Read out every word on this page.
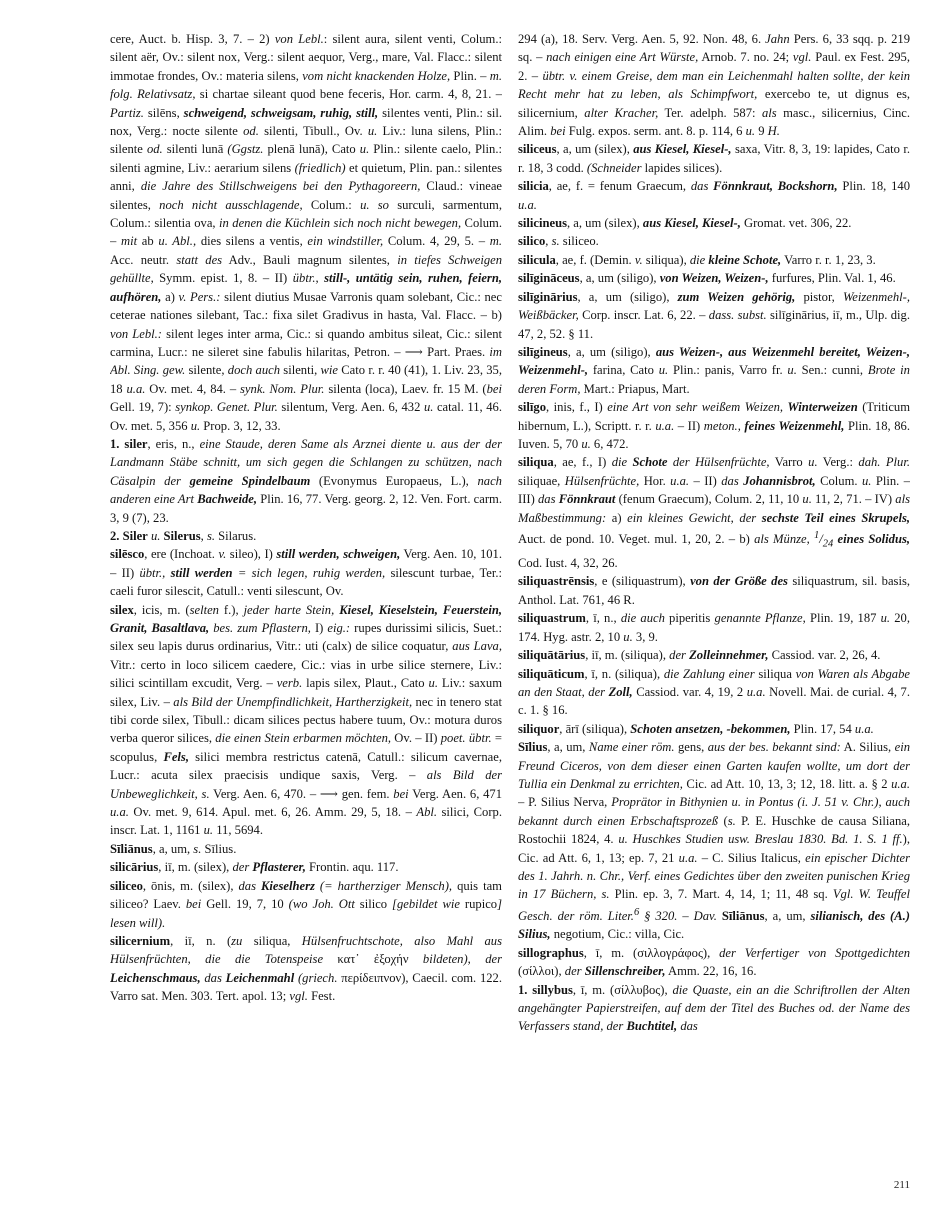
cere, Auct. b. Hisp. 3, 7. – 2) von Lebl.: silent aura, silent venti, Colum.: silent aër, Ov.: silent nox, Verg.: silent aequor, Verg., mare, Val. Flacc.: silent immotae frondes, Ov.: materia silens, vom nicht knackenden Holze, Plin. – m. folg. Relativsatz, si chartae sileant quod bene feceris, Hor. carm. 4, 8, 21. – Partiz. silēns, schweigend, schweigsam, ruhig, still, silentes venti, Plin.: sil. nox, Verg.: nocte silente od. silenti, Tibull., Ov. u. Liv.: luna silens, Plin.: silente od. silenti lunā (Ggstz. plenā lunā), Cato u. Plin.: silente caelo, Plin.: silenti agmine, Liv.: aerarium silens (friedlich) et quietum, Plin. pan.: silentes anni, die Jahre des Stillschweigens bei den Pythagoreern, Claud.: vineae silentes, noch nicht ausschlagende, Colum.: u. so surculi, sarmentum, Colum.: silentia ova, in denen die Küchlein sich noch nicht bewegen, Colum. – mit ab u. Abl., dies silens a ventis, ein windstiller, Colum. 4, 29, 5. – m. Acc. neutr. statt des Adv., Bauli magnum silentes, in tiefes Schweigen gehüllte, Symm. epist. 1, 8. – II) übtr., still-, untätig sein, ruhen, feiern, aufhören, a) v. Pers.: silent diutius Musae Varronis quam solebant, Cic.: nec ceterae nationes silebant, Tac.: fixa silet Gradivus in hasta, Val. Flacc. – b) von Lebl.: silent leges inter arma, Cic.: si quando ambitus sileat, Cic.: silent carmina, Lucr.: ne sileret sine fabulis hilaritas, Petron. – ⟶ Part. Praes. im Abl. Sing. gew. silente, doch auch silenti, wie Cato r. r. 40 (41), 1. Liv. 23, 35, 18 u.a. Ov. met. 4, 84. – synk. Nom. Plur. silenta (loca), Laev. fr. 15 M. (bei Gell. 19, 7): synkop. Genet. Plur. silentum, Verg. Aen. 6, 432 u. catal. 11, 46. Ov. met. 5, 356 u. Prop. 3, 12, 33.

1. siler, eris, n., eine Staude, deren Same als Arznei diente u. aus der der Landmann Stäbe schnitt, um sich gegen die Schlangen zu schützen, nach Cäsalpin der gemeine Spindelbaum (Evonymus Europaeus, L.), nach anderen eine Art Bachweide, Plin. 16, 77. Verg. georg. 2, 12. Ven. Fort. carm. 3, 9 (7), 23.

2. Siler u. Silerus, s. Silarus.

silēsco, ere (Inchoat. v. sileo), I) still werden, schweigen, Verg. Aen. 10, 101. – II) übtr., still werden = sich legen, ruhig werden, silescunt turbae, Ter.: caeli furor silescit, Catull.: venti silescunt, Ov.

silex, icis, m. (selten f.), jeder harte Stein, Kiesel, Kieselstein, Feuerstein, Granit, Basaltlava, bes. zum Pflastern, I) eig.: rupes durissimi silicis, Suet.: silex seu lapis durus ordinarius, Vitr.: uti (calx) de silice coquatur, aus Lava, Vitr.: certo in loco silicem caedere, Cic.: vias in urbe silice sternere, Liv.: silici scintillam excudit, Verg. – verb. lapis silex, Plaut., Cato u. Liv.: saxum silex, Liv. – als Bild der Unempfindlichkeit, Hartherzigkeit, nec in tenero stat tibi corde silex, Tibull.: dicam silices pectus habere tuum, Ov.: motura duros verba queror silices, die einen Stein erbarmen möchten, Ov. – II) poet. übtr. = scopulus, Fels, silici membra restrictus catenā, Catull.: silicum cavernae, Lucr.: acuta silex praecisis undique saxis, Verg. – als Bild der Unbeweglichkeit, s. Verg. Aen. 6, 470. – ⟶ gen. fem. bei Verg. Aen. 6, 471 u.a. Ov. met. 9, 614. Apul. met. 6, 26. Amm. 29, 5, 18. – Abl. silici, Corp. inscr. Lat. 1, 1161 u. 11, 5694.

Sīliānus, a, um, s. Sīlius.

silicārius, iī, m. (silex), der Pflasterer, Frontin. aqu. 117.

siliceo, ōnis, m. (silex), das Kieselherz (= hartherziger Mensch), quis tam siliceo? Laev. bei Gell. 19, 7, 10 (wo Joh. Ott silico [gebildet wie rupico] lesen will).

silicernium, iī, n. (zu siliqua, Hülsenfruchtschote, also Mahl aus Hülsenfrüchten, die die Totenspeise κατ᾽ ἐξοχήν bildeten), der Leichenschmaus, das Leichenmahl (griech. περίδειπνον), Caecil. com. 122. Varro sat. Men. 303. Tert. apol. 13; vgl. Fest.

294 (a), 18. Serv. Verg. Aen. 5, 92. Non. 48, 6. Jahn Pers. 6, 33 sqq. p. 219 sq. – nach einigen eine Art Würste, Arnob. 7. no. 24; vgl. Paul. ex Fest. 295, 2. – übtr. v. einem Greise, dem man ein Leichenmahl halten sollte, der kein Recht mehr hat zu leben, als Schimpfwort, exercebo te, ut dignus es, silicernium, alter Kracher, Ter. adelph. 587: als masc., silicernius, Cinc. Alim. bei Fulg. expos. serm. ant. 8. p. 114, 6 u. 9 H.

siliceus, a, um (silex), aus Kiesel, Kiesel-, saxa, Vitr. 8, 3, 19: lapides, Cato r. r. 18, 3 codd. (Schneider lapides silices).

silicia, ae, f. = fenum Graecum, das Fönnkraut, Bockshorn, Plin. 18, 140 u.a.

silicineus, a, um (silex), aus Kiesel, Kiesel-, Gromat. vet. 306, 22.

silico, s. siliceo.

silicula, ae, f. (Demin. v. siliqua), die kleine Schote, Varro r. r. 1, 23, 3.

silīgināceus, a, um (siligo), von Weizen, Weizen-, furfures, Plin. Val. 1, 46.

silīginārius, a, um (siligo), zum Weizen gehörig, pistor, Weizenmehl-, Weißbäcker, Corp. inscr. Lat. 6, 22. – dass. subst. silīginārius, iī, m., Ulp. dig. 47, 2, 52. § 11.

silīgineus, a, um (siligo), aus Weizen-, aus Weizenmehl bereitet, Weizen-, Weizenmehl-, farina, Cato u. Plin.: panis, Varro fr. u. Sen.: cunni, Brote in deren Form, Mart.: Priapus, Mart.

silīgo, inis, f., I) eine Art von sehr weißem Weizen, Winterweizen (Triticum hibernum, L.), Scriptt. r. r. u.a. – II) meton., feines Weizenmehl, Plin. 18, 86. Iuven. 5, 70 u. 6, 472.

siliqua, ae, f., I) die Schote der Hülsenfrüchte, Varro u. Verg.: dah. Plur. siliquae, Hülsenfrüchte, Hor. u.a. – II) das Johannisbrot, Colum. u. Plin. – III) das Fönnkraut (fenum Graecum), Colum. 2, 11, 10 u. 11, 2, 71. – IV) als Maßbestimmung: a) ein kleines Gewicht, der sechste Teil eines Skrupels, Auct. de pond. 10. Veget. mul. 1, 20, 2. – b) als Münze, $^1/_{24}$ eines Solidus, Cod. Iust. 4, 32, 26.

siliquastrēnsis, e (siliquastrum), von der Größe des siliquastrum, sil. basis, Anthol. Lat. 761, 46 R.

siliquastrum, ī, n., die auch piperitis genannte Pflanze, Plin. 19, 187 u. 20, 174. Hyg. astr. 2, 10 u. 3, 9.

siliquātārius, iī, m. (siliqua), der Zolleinnehmer, Cassiod. var. 2, 26, 4.

siliquāticum, ī, n. (siliqua), die Zahlung einer siliqua von Waren als Abgabe an den Staat, der Zoll, Cassiod. var. 4, 19, 2 u.a. Novell. Mai. de curial. 4, 7. c. 1. § 16.

siliquor, ārī (siliqua), Schoten ansetzen, -bekommen, Plin. 17, 54 u.a.

Sīlius, a, um, Name einer röm. gens, aus der bes. bekannt sind: A. Silius, ein Freund Ciceros, von dem dieser einen Garten kaufen wollte, um dort der Tullia ein Denkmal zu errichten, Cic. ad Att. 10, 13, 3; 12, 18. litt. a. § 2 u.a. – P. Silius Nerva, Proprätor in Bithynien u. in Pontus (i. J. 51 v. Chr.), auch bekannt durch einen Erbschaftsprozeß (s. P. E. Huschke de causa Siliana, Rostochii 1824, 4. u. Huschkes Studien usw. Breslau 1830. Bd. 1. S. 1 ff.), Cic. ad Att. 6, 1, 13; ep. 7, 21 u.a. – C. Silius Italicus, ein epischer Dichter des 1. Jahrh. n. Chr., Verf. eines Gedichtes über den zweiten punischen Krieg in 17 Büchern, s. Plin. ep. 3, 7. Mart. 4, 14, 1; 11, 48 sq. Vgl. W. Teuffel Gesch. der röm. Liter.$^6$ § 320. – Dav. Sīliānus, a, um, silianisch, des (A.) Silius, negotium, Cic.: villa, Cic.

sillographus, ī, m. (σιλλογράφος), der Verfertiger von Spottgedichten (σίλλοι), der Sillenschreiber, Amm. 22, 16, 16.

1. sillybus, ī, m. (σίλλυβος), die Quaste, ein an die Schriftrollen der Alten angehängter Papierstreifen, auf dem der Titel des Buches od. der Name des Verfassers stand, der Buchtitel, das

211
